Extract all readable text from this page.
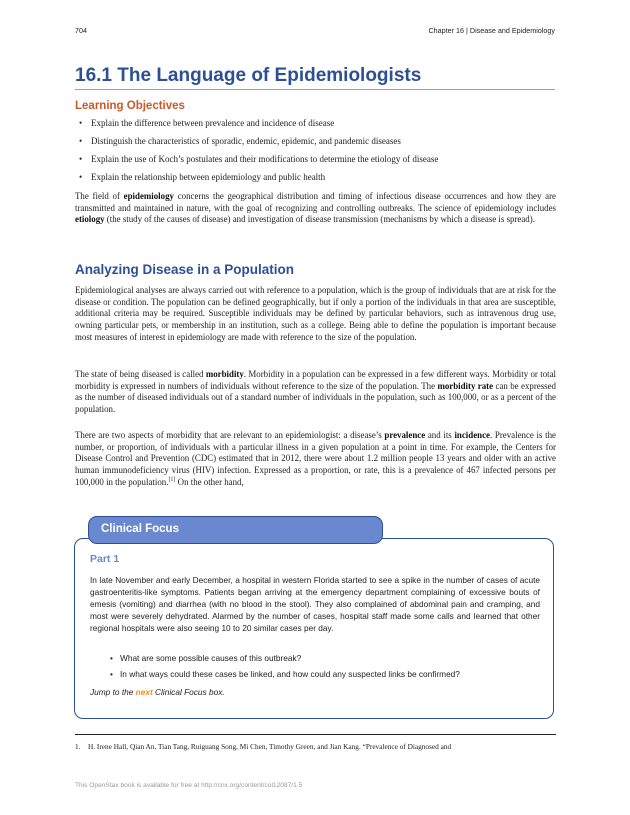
704	Chapter 16 | Disease and Epidemiology
16.1 The Language of Epidemiologists
Learning Objectives
• Explain the difference between prevalence and incidence of disease
• Distinguish the characteristics of sporadic, endemic, epidemic, and pandemic diseases
• Explain the use of Koch’s postulates and their modifications to determine the etiology of disease
• Explain the relationship between epidemiology and public health

The field of epidemiology concerns the geographical distribution and timing of infectious disease occurrences and how they are transmitted and maintained in nature, with the goal of recognizing and controlling outbreaks. The science of epidemiology includes etiology (the study of the causes of disease) and investigation of disease transmission (mechanisms by which a disease is spread).

Analyzing Disease in a Population

Epidemiological analyses are always carried out with reference to a population, which is the group of individuals that are at risk for the disease or condition. The population can be defined geographically, but if only a portion of the individuals in that area are susceptible, additional criteria may be required. Susceptible individuals may be defined by particular behaviors, such as intravenous drug use, owning particular pets, or membership in an institution, such as a college. Being able to define the population is important because most measures of interest in epidemiology are made with reference to the size of the population.

The state of being diseased is called morbidity. Morbidity in a population can be expressed in a few different ways. Morbidity or total morbidity is expressed in numbers of individuals without reference to the size of the population. The morbidity rate can be expressed as the number of diseased individuals out of a standard number of individuals in the population, such as 100,000, or as a percent of the population.

There are two aspects of morbidity that are relevant to an epidemiologist: a disease’s prevalence and its incidence. Prevalence is the number, or proportion, of individuals with a particular illness in a given population at a point in time. For example, the Centers for Disease Control and Prevention (CDC) estimated that in 2012, there were about 1.2 million people 13 years and older with an active human immunodeficiency virus (HIV) infection. Expressed as a proportion, or rate, this is a prevalence of 467 infected persons per 100,000 in the population.[1] On the other hand,

Clinical Focus
Part 1

In late November and early December, a hospital in western Florida started to see a spike in the number of cases of acute gastroenteritis-like symptoms. Patients began arriving at the emergency department complaining of excessive bouts of emesis (vomiting) and diarrhea (with no blood in the stool). They also complained of abdominal pain and cramping, and most were severely dehydrated. Alarmed by the number of cases, hospital staff made some calls and learned that other regional hospitals were also seeing 10 to 20 similar cases per day.

• What are some possible causes of this outbreak?
• In what ways could these cases be linked, and how could any suspected links be confirmed?

Jump to the next Clinical Focus box.

1. H. Irene Hall, Qian An, Tian Tang, Ruiguang Song, Mi Chen, Timothy Green, and Jian Kang. “Prevalence of Diagnosed and

This OpenStax book is available for free at http://cnx.org/content/col12087/1.5
